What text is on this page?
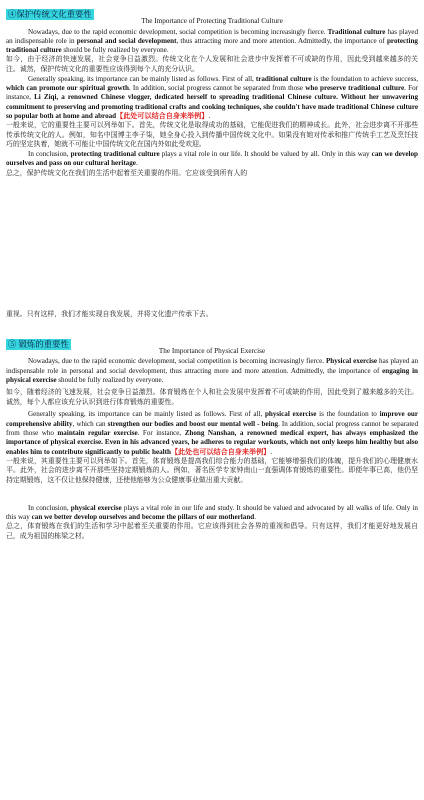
④保护传统文化重要性
The Importance of Protecting Traditional Culture

Nowadays, due to the rapid economic development, social competition is becoming increasingly fierce. Traditional culture has played an indispensable role in personal and social development, thus attracting more and more attention. Admittedly, the importance of protecting traditional culture should be fully realized by everyone.

如今，由于经济的快速发展，社会竞争日益激烈。传统文化在个人发展和社会进步中发挥着不可或缺的作用，因此受到越来越多的关注。诚然，保护传统文化的重要性应该得到每个人的充分认识。

Generally speaking, its importance can be mainly listed as follows. First of all, traditional culture is the foundation to achieve success, which can promote our spiritual growth. In addition, social progress cannot be separated from those who preserve traditional culture. For instance, Li Ziqi, a renowned Chinese vlogger, dedicated herself to spreading traditional Chinese culture. Without her unwavering commitment to preserving and promoting traditional crafts and cooking techniques, she couldn't have made traditional Chinese culture so popular both at home and abroad【此处可以结合自身来举例】.

一般来说，它的重要性主要可以列举如下。首先，传统文化是取得成功的基础，它能促进我们的精神成长。此外，社会进步离不开那些传承传统文化的人。例如，知名中国博主李子柒，她全身心投入到传播中国传统文化中。如果没有她对传承和推广传统手工艺及烹饪技巧的坚定执着，她就不可能让中国传统文化在国内外如此受欢迎。

In conclusion, protecting traditional culture plays a vital role in our life. It should be valued by all. Only in this way can we develop ourselves and pass on our cultural heritage.

总之，保护传统文化在我们的生活中起着至关重要的作用。它应该受到所有人的

重视。只有这样，我们才能实现自我发展，并将文化遗产传承下去。

⑤ 锻炼的重要性
The Importance of Physical Exercise

Nowadays, due to the rapid economic development, social competition is becoming increasingly fierce. Physical exercise has played an indispensable role in personal and social development, thus attracting more and more attention. Admittedly, the importance of engaging in physical exercise should be fully realized by everyone.

如今，随着经济的飞速发展，社会竞争日益激烈。体育锻炼在个人和社会发展中发挥着不可或缺的作用，因此受到了越来越多的关注。诚然，每个人都应该充分认识到进行体育锻炼的重要性。

Generally speaking, its importance can be mainly listed as follows. First of all, physical exercise is the foundation to improve our comprehensive ability, which can strengthen our bodies and boost our mental well - being. In addition, social progress cannot be separated from those who maintain regular exercise. For instance, Zhong Nanshan, a renowned medical expert, has always emphasized the importance of physical exercise. Even in his advanced years, he adheres to regular workouts, which not only keeps him healthy but also enables him to contribute significantly to public health【此处也可以结合自身来举例】.

一般来说，其重要性主要可以列举如下。首先，体育锻炼是提高我们综合能力的基础，它能够增强我们的体魄，提升我们的心理健康水平。此外，社会的进步离不开那些坚持定期锻炼的人。例如，著名医学专家钟南山一直强调体育锻炼的重要性。即便年事已高，他仍坚持定期锻炼，这不仅让他保持健康，还使他能够为公众健康事业做出重大贡献。

In conclusion, physical exercise plays a vital role in our life and study. It should be valued and advocated by all walks of life. Only in this way can we better develop ourselves and become the pillars of our motherland.

总之，体育锻炼在我们的生活和学习中起着至关重要的作用。它应该得到社会各界的重视和倡导。只有这样，我们才能更好地发展自己，成为祖国的栋梁之材。
